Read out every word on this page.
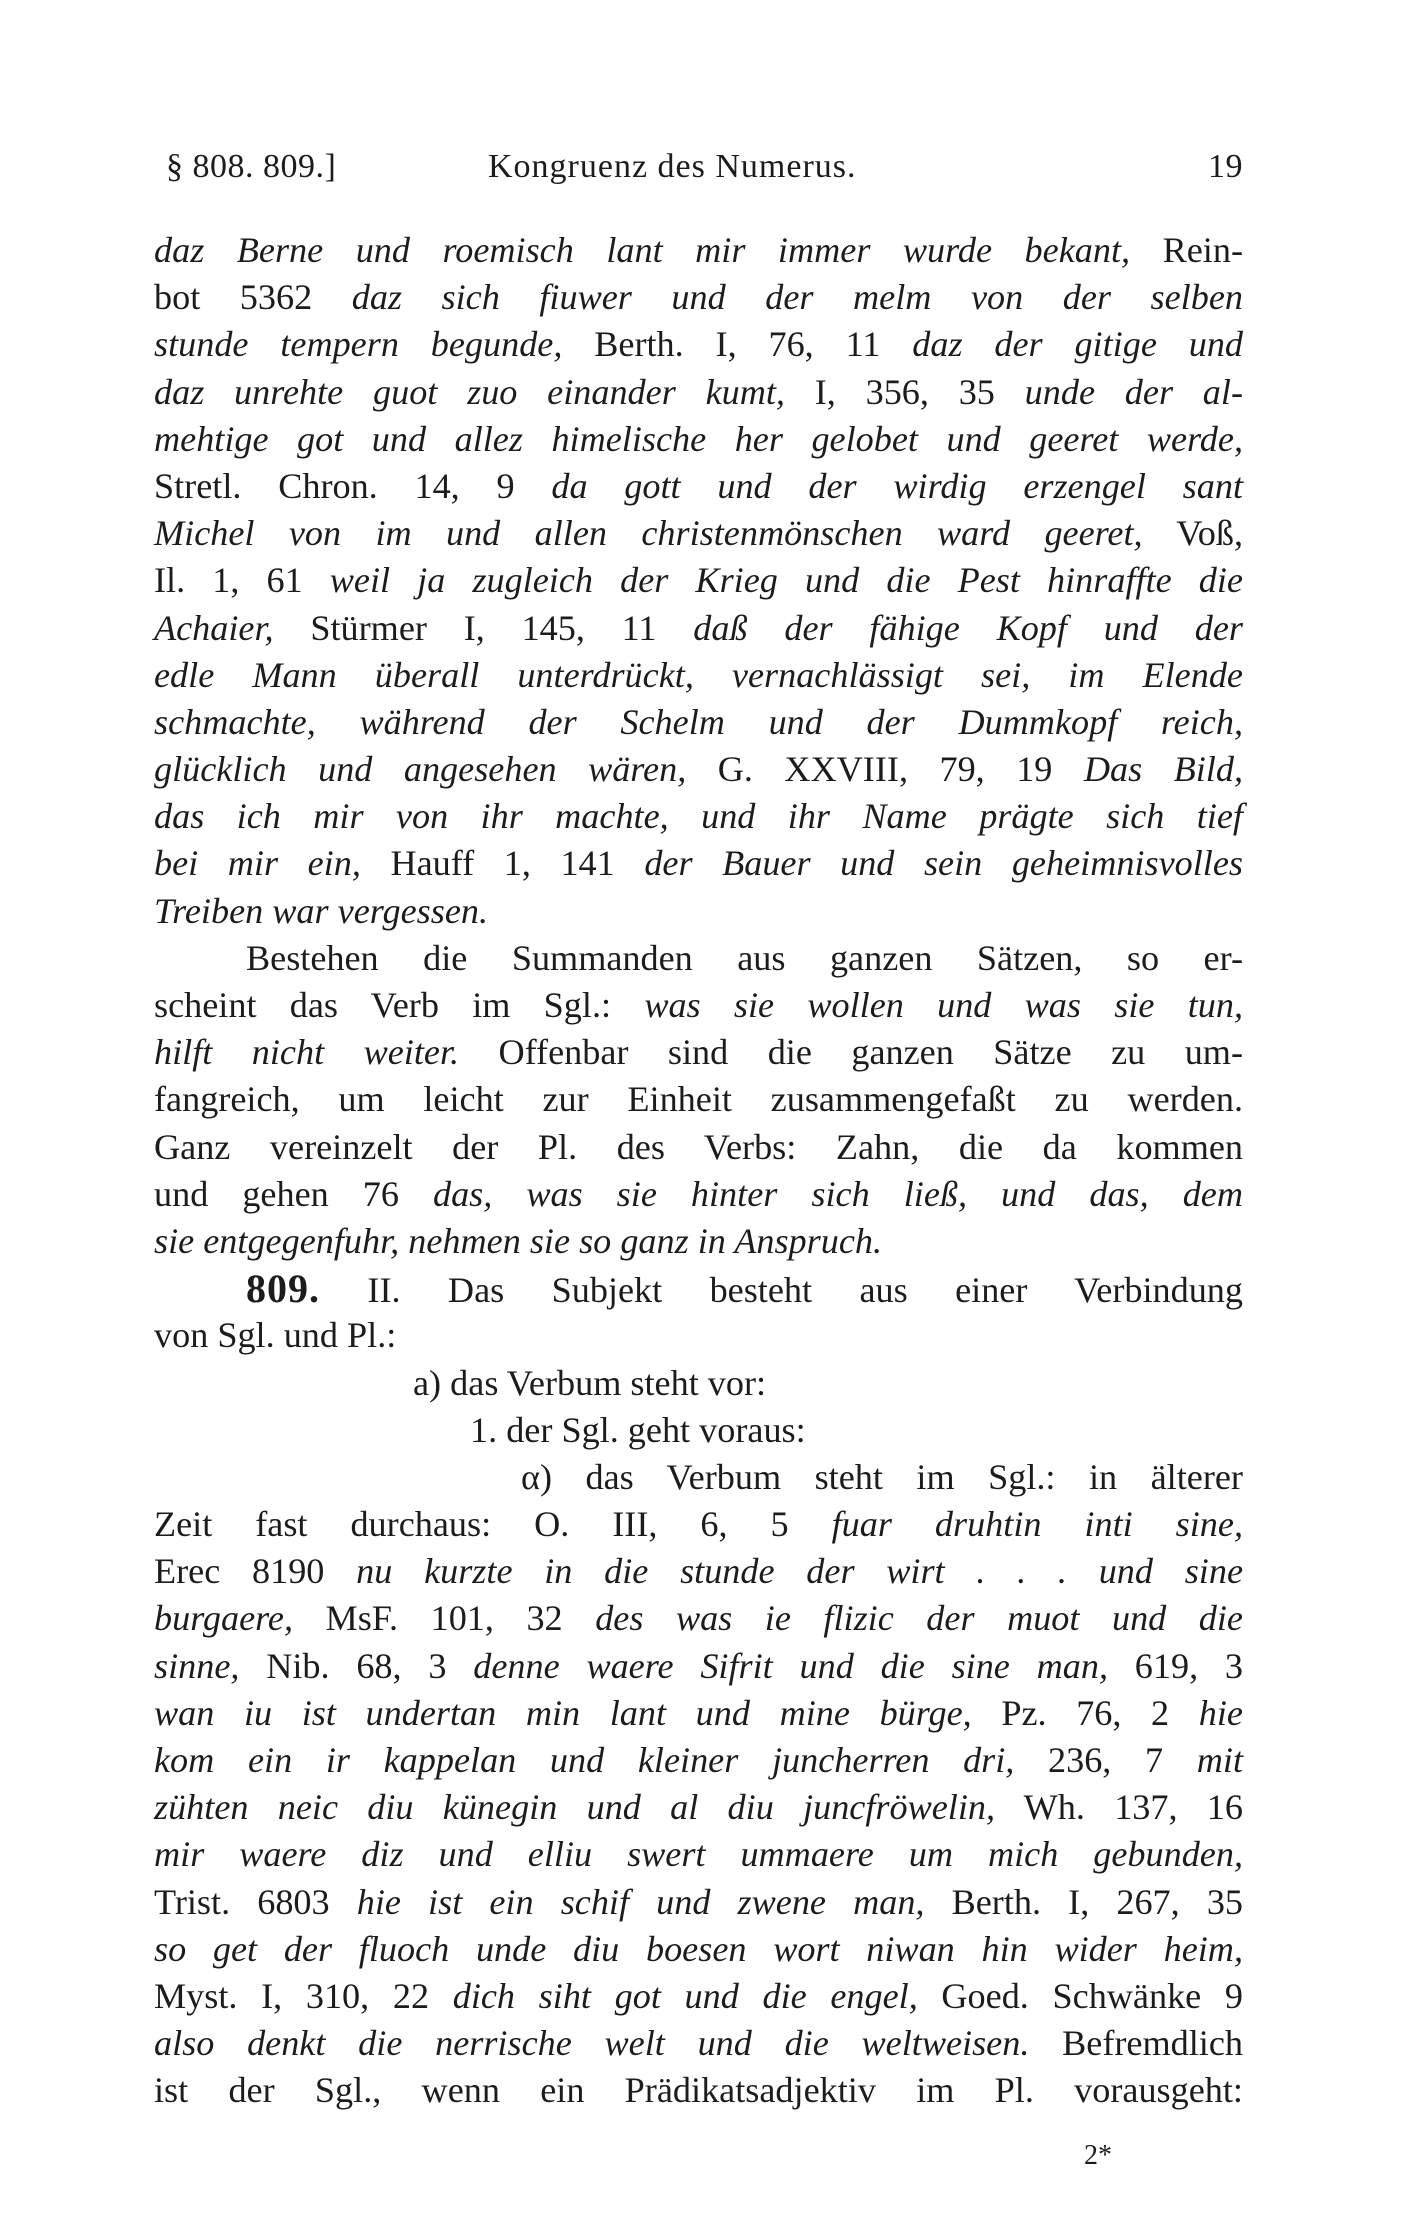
§ 808. 809.]	Kongruenz des Numerus.	19
daz Berne und roemisch lant mir immer wurde bekant, Rein-
bot 5362 daz sich fiuwer und der melm von der selben
stunde tempern begunde, Berth. I, 76, 11 daz der gitige und
daz unrehte guot zuo einander kumt, I, 356, 35 unde der al-
mehtige got und allez himelische her gelobet und geeret werde,
Stretl. Chron. 14, 9 da gott und der wirdig erzengel sant
Michel von im und allen christenmönschen ward geeret, Voß,
Il. 1, 61 weil ja zugleich der Krieg und die Pest hinraffte die
Achaier, Stürmer I, 145, 11 daß der fähige Kopf und der
edle Mann überall unterdrückt, vernachlässigt sei, im Elende
schmachte, während der Schelm und der Dummkopf reich,
glücklich und angesehen wären, G. XXVIII, 79, 19 Das Bild,
das ich mir von ihr machte, und ihr Name prägte sich tief
bei mir ein, Hauff 1, 141 der Bauer und sein geheimnisvolles
Treiben war vergessen.
Bestehen die Summanden aus ganzen Sätzen, so er-
scheint das Verb im Sgl.: was sie wollen und was sie tun,
hilft nicht weiter. Offenbar sind die ganzen Sätze zu um-
fangreich, um leicht zur Einheit zusammengefaßt zu werden.
Ganz vereinzelt der Pl. des Verbs: Zahn, die da kommen
und gehen 76 das, was sie hinter sich ließ, und das, dem
sie entgegenfuhr, nehmen sie so ganz in Anspruch.
809. II. Das Subjekt besteht aus einer Verbindung
von Sgl. und Pl.:
a) das Verbum steht vor:
1. der Sgl. geht voraus:
α) das Verbum steht im Sgl.: in älterer
Zeit fast durchaus: O. III, 6, 5 fuar druhtin inti sine,
Erec 8190 nu kurzte in die stunde der wirt . . . und sine
burgaere, MsF. 101, 32 des was ie flizic der muot und die
sinne, Nib. 68, 3 denne waere Sifrit und die sine man, 619, 3
wan iu ist undertan min lant und mine bürge, Pz. 76, 2 hie
kom ein ir kappelan und kleiner juncherren dri, 236, 7 mit
zühten neic diu künegin und al diu juncfröwelin, Wh. 137, 16
mir waere diz und elliu swert ummaere um mich gebunden,
Trist. 6803 hie ist ein schif und zwene man, Berth. I, 267, 35
so get der fluoch unde diu boesen wort niwan hin wider heim,
Myst. I, 310, 22 dich siht got und die engel, Goed. Schwänke 9
also denkt die nerrische welt und die weltweisen. Befremdlich
ist der Sgl., wenn ein Prädikatsadjektiv im Pl. vorausgeht:
2*
